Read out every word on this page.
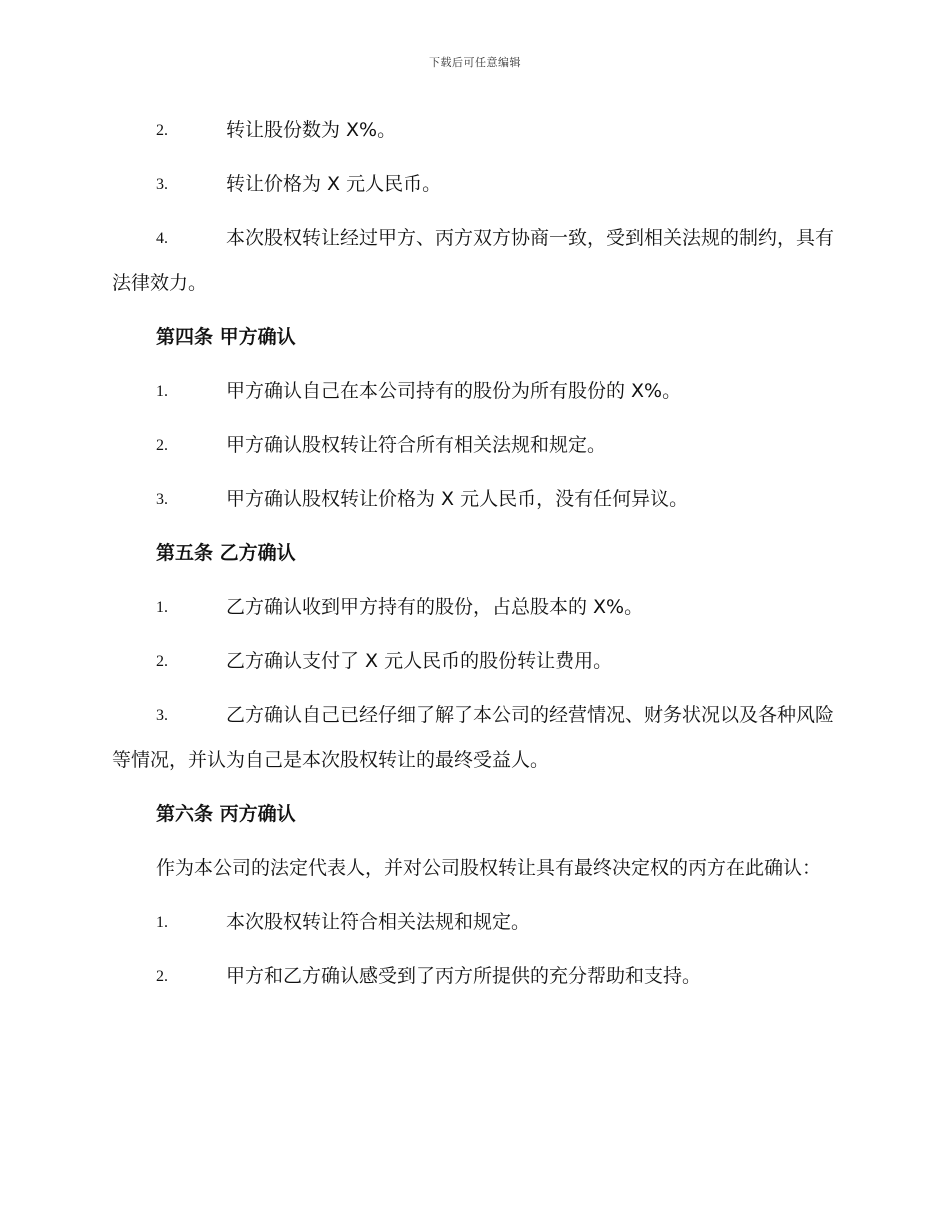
下载后可任意编辑
2.	转让股份数为 X%。
3.	转让价格为 X 元人民币。
4.	本次股权转让经过甲方、丙方双方协商一致，受到相关法规的制约，具有法律效力。
第四条 甲方确认
1.	甲方确认自己在本公司持有的股份为所有股份的 X%。
2.	甲方确认股权转让符合所有相关法规和规定。
3.	甲方确认股权转让价格为 X 元人民币，没有任何异议。
第五条 乙方确认
1.	乙方确认收到甲方持有的股份，占总股本的 X%。
2.	乙方确认支付了 X 元人民币的股份转让费用。
3.	乙方确认自己已经仔细了解了本公司的经营情况、财务状况以及各种风险等情况，并认为自己是本次股权转让的最终受益人。
第六条 丙方确认
作为本公司的法定代表人，并对公司股权转让具有最终决定权的丙方在此确认：
1.	本次股权转让符合相关法规和规定。
2.	甲方和乙方确认感受到了丙方所提供的充分帮助和支持。
